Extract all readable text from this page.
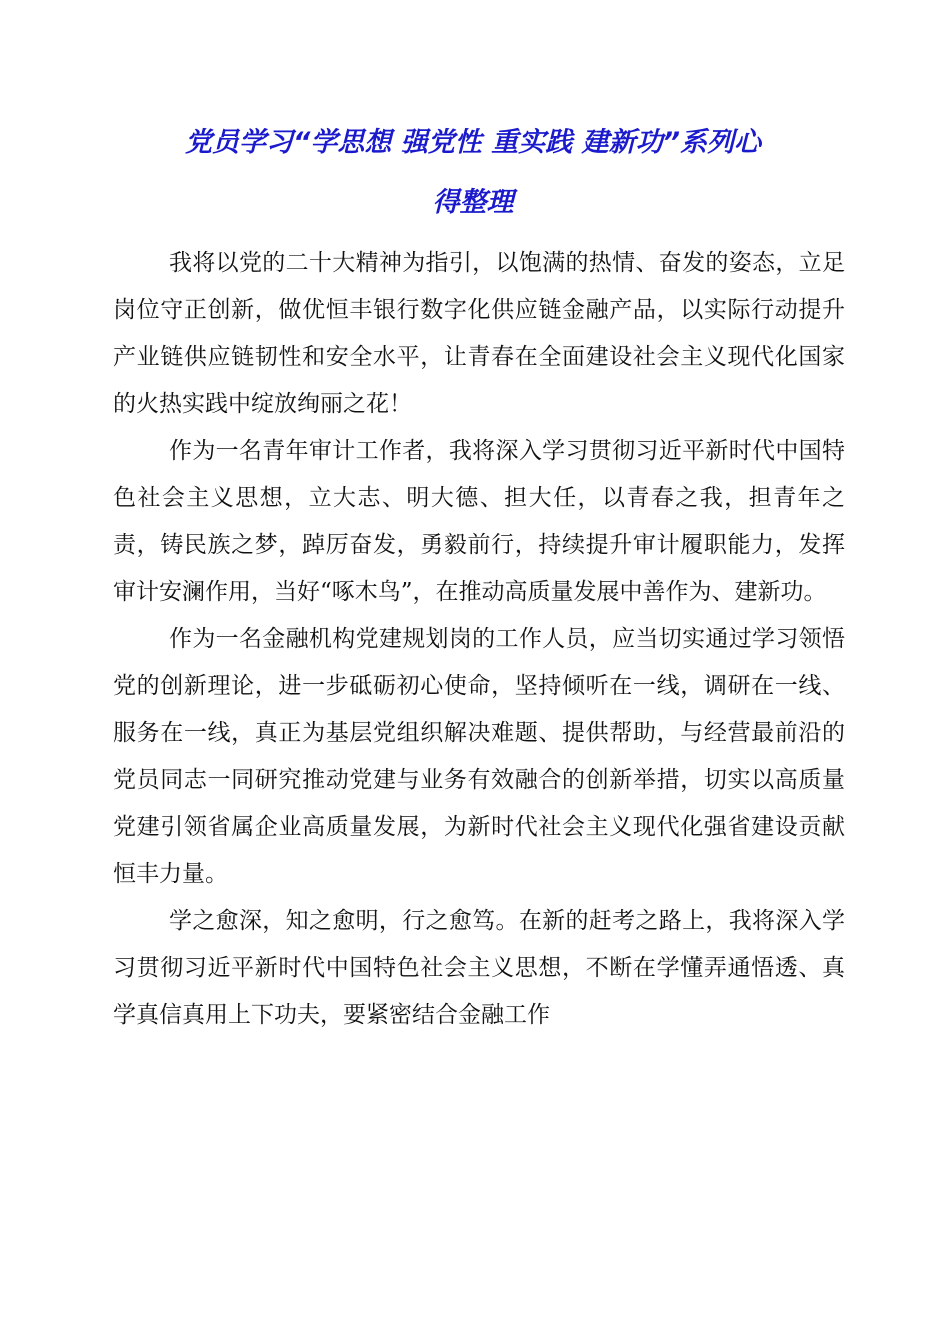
党员学习“学思想 强党性 重实践 建新功”系列心
得整理

我将以党的二十大精神为指引，以饱满的热情、奋发的姿态，立足岗位守正创新，做优恒丰银行数字化供应链金融产品，以实际行动提升产业链供应链韧性和安全水平，让青春在全面建设社会主义现代化国家的火热实践中绽放绚丽之花！

作为一名青年审计工作者，我将深入学习贯彻习近平新时代中国特色社会主义思想，立大志、明大德、担大任，以青春之我，担青年之责，铸民族之梦，踔厉奋发，勇毅前行，持续提升审计履职能力，发挥审计安澜作用，当好“啄木鸟”，在推动高质量发展中善作为、建新功。

作为一名金融机构党建规划岗的工作人员，应当切实通过学习领悟党的创新理论，进一步砥砺初心使命，坚持倾听在一线，调研在一线、服务在一线，真正为基层党组织解决难题、提供帮助，与经营最前沿的党员同志一同研究推动党建与业务有效融合的创新举措，切实以高质量党建引领省属企业高质量发展，为新时代社会主义现代化强省建设贡献恒丰力量。

学之愈深，知之愈明，行之愈笃。在新的赶考之路上，我将深入学习贯彻习近平新时代中国特色社会主义思想，不断在学懂弄通悟透、真学真信真用上下功夫，要紧密结合金融工作
